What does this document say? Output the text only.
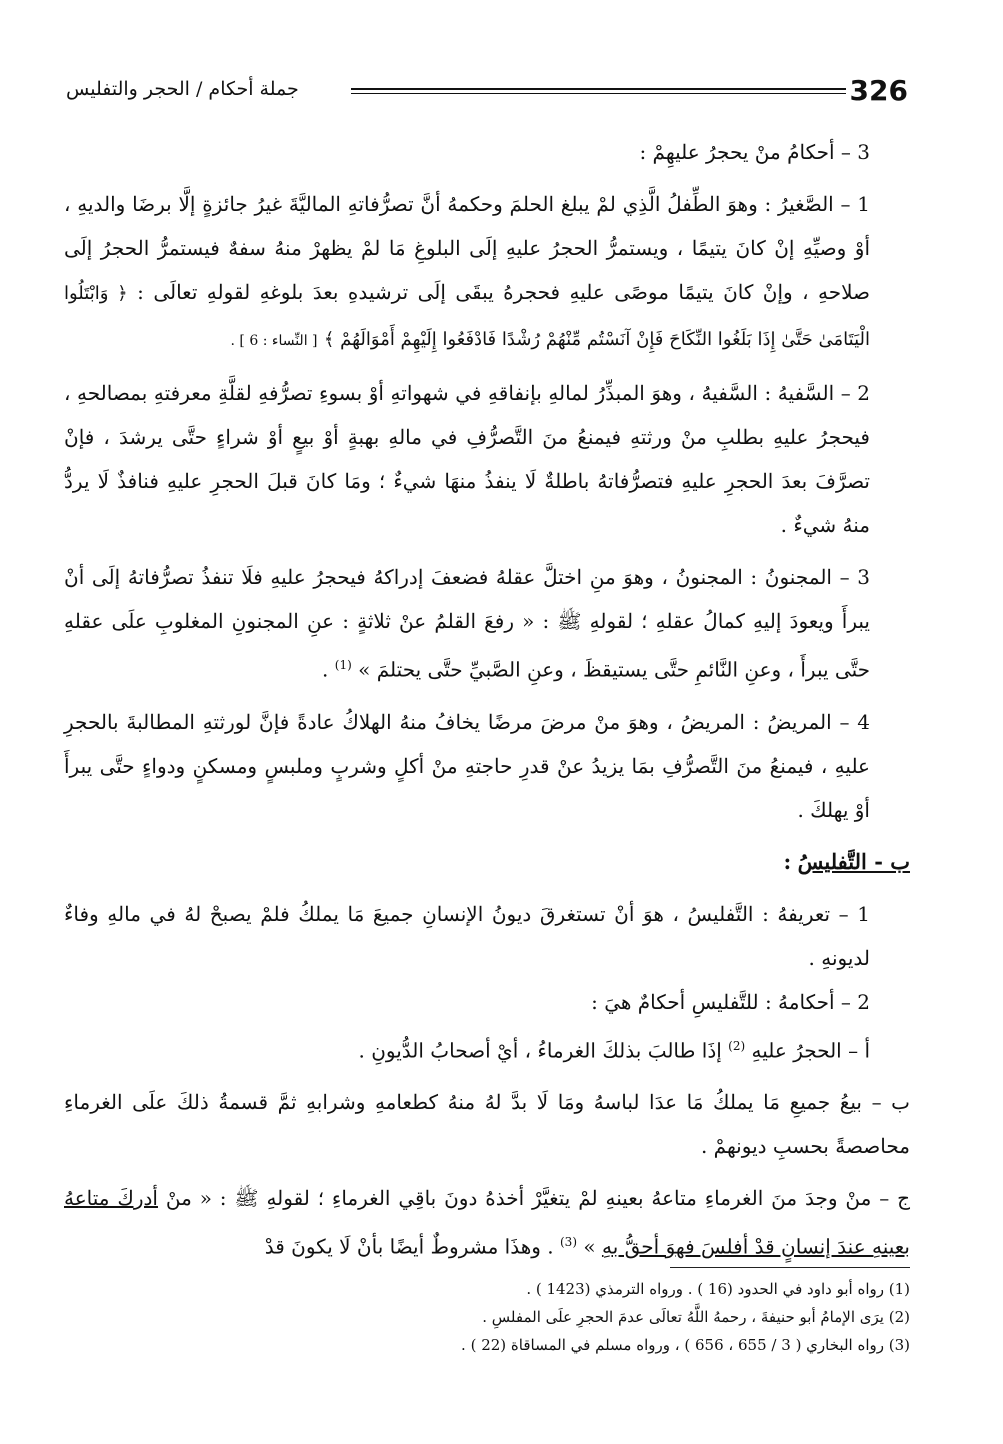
326
جملة أحكام / الحجر والتفليس

3 – أحكامُ منْ يحجرُ عليهِمْ :

1 – الصَّغيرُ : وهوَ الطِّفلُ الَّذِي لمْ يبلغ الحلمَ وحكمهُ أنَّ تصرُّفاتهِ الماليَّةَ غيرُ جائزةٍ إلَّا برضَا والديهِ ، أوْ وصيِّهِ إنْ كانَ يتيمًا ، ويستمرُّ الحجرُ عليهِ إلَى البلوغِ مَا لمْ يظهرْ منهُ سفهٌ فيستمرُّ الحجرُ إلَى صلاحهِ ، وإنْ كانَ يتيمًا موصًى عليهِ فحجرهُ يبقَى إلَى ترشيدهِ بعدَ بلوغهِ لقولهِ تعالَى : ﴿ وَابْتَلُوا الْيَتَامَىٰ حَتَّىٰ إِذَا بَلَغُوا النِّكَاحَ فَإِنْ آنَسْتُم مِّنْهُمْ رُشْدًا فَادْفَعُوا إِلَيْهِمْ أَمْوَالَهُمْ ﴾ [ النِّساء : 6 ] .

2 – السَّفيهُ : السَّفيهُ ، وهوَ المبذِّرُ لمالهِ بإنفاقهِ في شهواتهِ أوْ بسوءِ تصرُّفهِ لقلَّةِ معرفتهِ بمصالحهِ ، فيحجرُ عليهِ بطلبِ منْ ورثتهِ فيمنعُ منَ التَّصرُّفِ في مالهِ بهبةٍ أوْ بيعٍ أوْ شراءٍ حتَّى يرشدَ ، فإنْ تصرَّفَ بعدَ الحجرِ عليهِ فتصرُّفاتهُ باطلةٌ لَا ينفذُ منهَا شيءٌ ؛ ومَا كانَ قبلَ الحجرِ عليهِ فنافذٌ لَا يردُّ منهُ شيءٌ .

3 – المجنونُ : المجنونُ ، وهوَ منِ اختلَّ عقلهُ فضعفَ إدراكهُ فيحجرُ عليهِ فلَا تنفذُ تصرُّفاتهُ إلَى أنْ يبرأَ ويعودَ إليهِ كمالُ عقلهِ ؛ لقولهِ ﷺ : « رفعَ القلمُ عنْ ثلاثةٍ : عنِ المجنونِ المغلوبِ علَى عقلهِ حتَّى يبرأَ ، وعنِ النَّائمِ حتَّى يستيقظَ ، وعنِ الصَّبيِّ حتَّى يحتلمَ » $^{(1)}$ .

4 – المريضُ : المريضُ ، وهوَ منْ مرضَ مرضًا يخافُ منهُ الهلاكُ عادةً فإنَّ لورثتهِ المطالبةَ بالحجرِ عليهِ ، فيمنعُ منَ التَّصرُّفِ بمَا يزيدُ عنْ قدرِ حاجتهِ منْ أكلٍ وشربٍ وملبسٍ ومسكنٍ ودواءٍ حتَّى يبرأَ أوْ يهلكَ .

ب - التَّفليسُ :

1 – تعريفهُ : التَّفليسُ ، هوَ أنْ تستغرقَ ديونُ الإنسانِ جميعَ مَا يملكُ فلمْ يصبحْ لهُ في مالهِ وفاءٌ لديونهِ .

2 – أحكامهُ : للتَّفليسِ أحكامٌ هيَ :

أ – الحجرُ عليهِ $^{(2)}$ إذَا طالبَ بذلكَ الغرماءُ ، أيْ أصحابُ الدُّيونِ .

ب – بيعُ جميعِ مَا يملكُ مَا عدَا لباسهُ ومَا لَا بدَّ لهُ منهُ كطعامهِ وشرابهِ ثمَّ قسمةُ ذلكَ علَى الغرماءِ محاصصةً بحسبِ ديونهمْ .

ج – منْ وجدَ منَ الغرماءِ متاعهُ بعينهِ لمْ يتغيَّرْ أخذهُ دونَ باقِي الغرماءِ ؛ لقولهِ ﷺ : « منْ أدركَ متاعهُ بعينهِ عندَ إنسانٍ قدْ أفلسَ فهوَ أحقُّ بهِ » $^{(3)}$ . وهذَا مشروطٌ أيضًا بأنْ لَا يكونَ قدْ

(1) رواه أبو داود في الحدود (16 ) . ورواه الترمذي (1423 ) .

(2) يرَى الإمامُ أبو حنيفةَ ، رحمهُ اللَّهُ تعالَى عدمَ الحجرِ علَى المفلسِ .

(3) رواه البخاري ( 3 / 655 ، 656 ) ، ورواه مسلم في المساقاة (22 ) .
